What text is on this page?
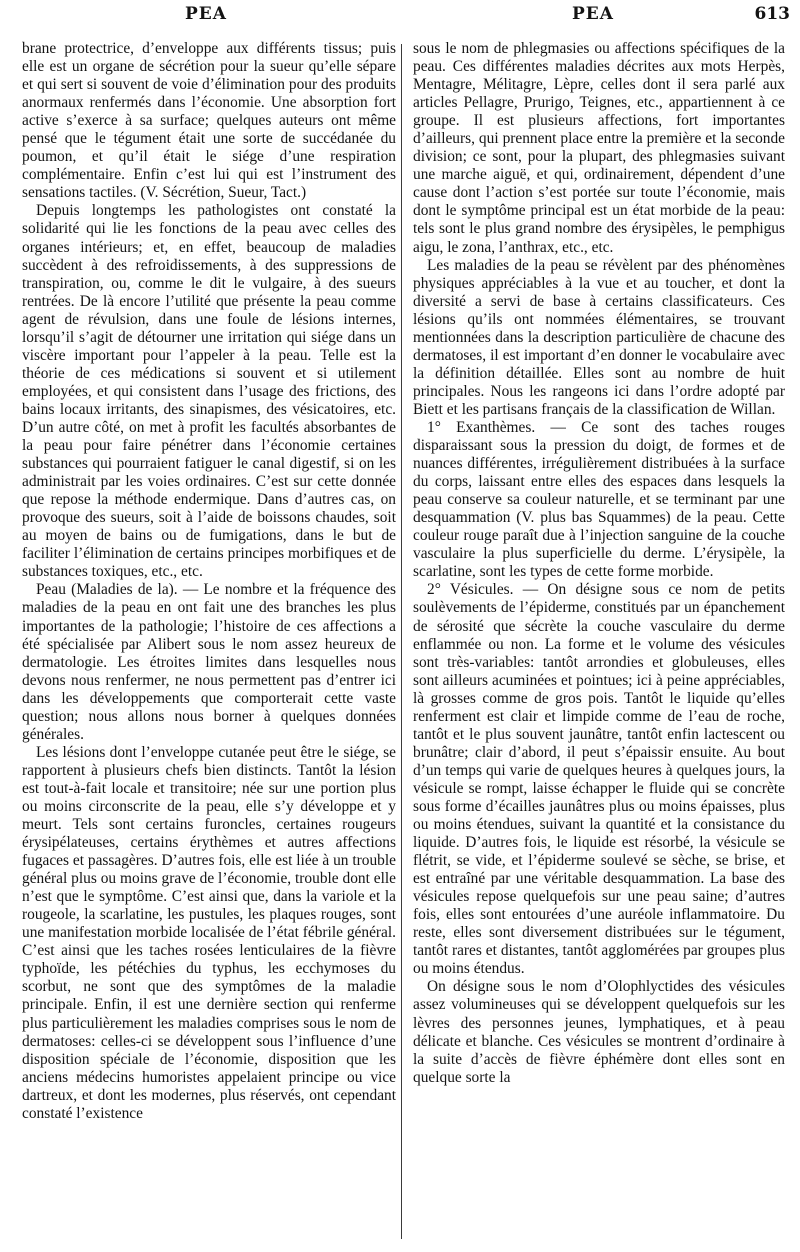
PEA	PEA	613

brane protectrice, d’enveloppe aux différents tissus; puis elle est un organe de sécrétion pour la sueur qu’elle sépare et qui sert si souvent de voie d’élimination pour des produits anormaux renfermés dans l’économie. Une absorption fort active s’exerce à sa surface; quelques auteurs ont même pensé que le tégument était une sorte de succédanée du poumon, et qu’il était le siége d’une respiration complémentaire. Enfin c’est lui qui est l’instrument des sensations tactiles. (V. Sécrétion, Sueur, Tact.)

Depuis longtemps les pathologistes ont constaté la solidarité qui lie les fonctions de la peau avec celles des organes intérieurs; et, en effet, beaucoup de maladies succèdent à des refroidissements, à des suppressions de transpiration, ou, comme le dit le vulgaire, à des sueurs rentrées. De là encore l’utilité que présente la peau comme agent de révulsion, dans une foule de lésions internes, lorsqu’il s’agit de détourner une irritation qui siége dans un viscère important pour l’appeler à la peau. Telle est la théorie de ces médications si souvent et si utilement employées, et qui consistent dans l’usage des frictions, des bains locaux irritants, des sinapismes, des vésicatoires, etc. D’un autre côté, on met à profit les facultés absorbantes de la peau pour faire pénétrer dans l’économie certaines substances qui pourraient fatiguer le canal digestif, si on les administrait par les voies ordinaires. C’est sur cette donnée que repose la méthode endermique. Dans d’autres cas, on provoque des sueurs, soit à l’aide de boissons chaudes, soit au moyen de bains ou de fumigations, dans le but de faciliter l’élimination de certains principes morbifiques et de substances toxiques, etc., etc.

Peau (Maladies de la). — Le nombre et la fréquence des maladies de la peau en ont fait une des branches les plus importantes de la pathologie; l’histoire de ces affections a été spécialisée par Alibert sous le nom assez heureux de dermatologie. Les étroites limites dans lesquelles nous devons nous renfermer, ne nous permettent pas d’entrer ici dans les développements que comporterait cette vaste question; nous allons nous borner à quelques données générales.

Les lésions dont l’enveloppe cutanée peut être le siége, se rapportent à plusieurs chefs bien distincts. Tantôt la lésion est tout-à-fait locale et transitoire; née sur une portion plus ou moins circonscrite de la peau, elle s’y développe et y meurt. Tels sont certains furoncles, certaines rougeurs érysipélateuses, certains érythèmes et autres affections fugaces et passagères. D’autres fois, elle est liée à un trouble général plus ou moins grave de l’économie, trouble dont elle n’est que le symptôme. C’est ainsi que, dans la variole et la rougeole, la scarlatine, les pustules, les plaques rouges, sont une manifestation morbide localisée de l’état fébrile général. C’est ainsi que les taches rosées lenticulaires de la fièvre typhoïde, les pétéchies du typhus, les ecchymoses du scorbut, ne sont que des symptômes de la maladie principale. Enfin, il est une dernière section qui renferme plus particulièrement les maladies comprises sous le nom de dermatoses: celles-ci se développent sous l’influence d’une disposition spéciale de l’économie, disposition que les anciens médecins humoristes appelaient principe ou vice dartreux, et dont les modernes, plus réservés, ont cependant constaté l’existence

sous le nom de phlegmasies ou affections spécifiques de la peau. Ces différentes maladies décrites aux mots Herpès, Mentagre, Mélitagre, Lèpre, celles dont il sera parlé aux articles Pellagre, Prurigo, Teignes, etc., appartiennent à ce groupe. Il est plusieurs affections, fort importantes d’ailleurs, qui prennent place entre la première et la seconde division; ce sont, pour la plupart, des phlegmasies suivant une marche aiguë, et qui, ordinairement, dépendent d’une cause dont l’action s’est portée sur toute l’économie, mais dont le symptôme principal est un état morbide de la peau: tels sont le plus grand nombre des érysipèles, le pemphigus aigu, le zona, l’anthrax, etc., etc.

Les maladies de la peau se révèlent par des phénomènes physiques appréciables à la vue et au toucher, et dont la diversité a servi de base à certains classificateurs. Ces lésions qu’ils ont nommées élémentaires, se trouvant mentionnées dans la description particulière de chacune des dermatoses, il est important d’en donner le vocabulaire avec la définition détaillée. Elles sont au nombre de huit principales. Nous les rangeons ici dans l’ordre adopté par Biett et les partisans français de la classification de Willan.

1° Exanthèmes. — Ce sont des taches rouges disparaissant sous la pression du doigt, de formes et de nuances différentes, irrégulièrement distribuées à la surface du corps, laissant entre elles des espaces dans lesquels la peau conserve sa couleur naturelle, et se terminant par une desquammation (V. plus bas Squammes) de la peau. Cette couleur rouge paraît due à l’injection sanguine de la couche vasculaire la plus superficielle du derme. L’érysipèle, la scarlatine, sont les types de cette forme morbide.

2° Vésicules. — On désigne sous ce nom de petits soulèvements de l’épiderme, constitués par un épanchement de sérosité que sécrète la couche vasculaire du derme enflammée ou non. La forme et le volume des vésicules sont très-variables: tantôt arrondies et globuleuses, elles sont ailleurs acuminées et pointues; ici à peine appréciables, là grosses comme de gros pois. Tantôt le liquide qu’elles renferment est clair et limpide comme de l’eau de roche, tantôt et le plus souvent jaunâtre, tantôt enfin lactescent ou brunâtre; clair d’abord, il peut s’épaissir ensuite. Au bout d’un temps qui varie de quelques heures à quelques jours, la vésicule se rompt, laisse échapper le fluide qui se concrète sous forme d’écailles jaunâtres plus ou moins épaisses, plus ou moins étendues, suivant la quantité et la consistance du liquide. D’autres fois, le liquide est résorbé, la vésicule se flétrit, se vide, et l’épiderme soulevé se sèche, se brise, et est entraîné par une véritable desquammation. La base des vésicules repose quelquefois sur une peau saine; d’autres fois, elles sont entourées d’une auréole inflammatoire. Du reste, elles sont diversement distribuées sur le tégument, tantôt rares et distantes, tantôt agglomérées par groupes plus ou moins étendus.

On désigne sous le nom d’Olophlyctides des vésicules assez volumineuses qui se développent quelquefois sur les lèvres des personnes jeunes, lymphatiques, et à peau délicate et blanche. Ces vésicules se montrent d’ordinaire à la suite d’accès de fièvre éphémère dont elles sont en quelque sorte la
